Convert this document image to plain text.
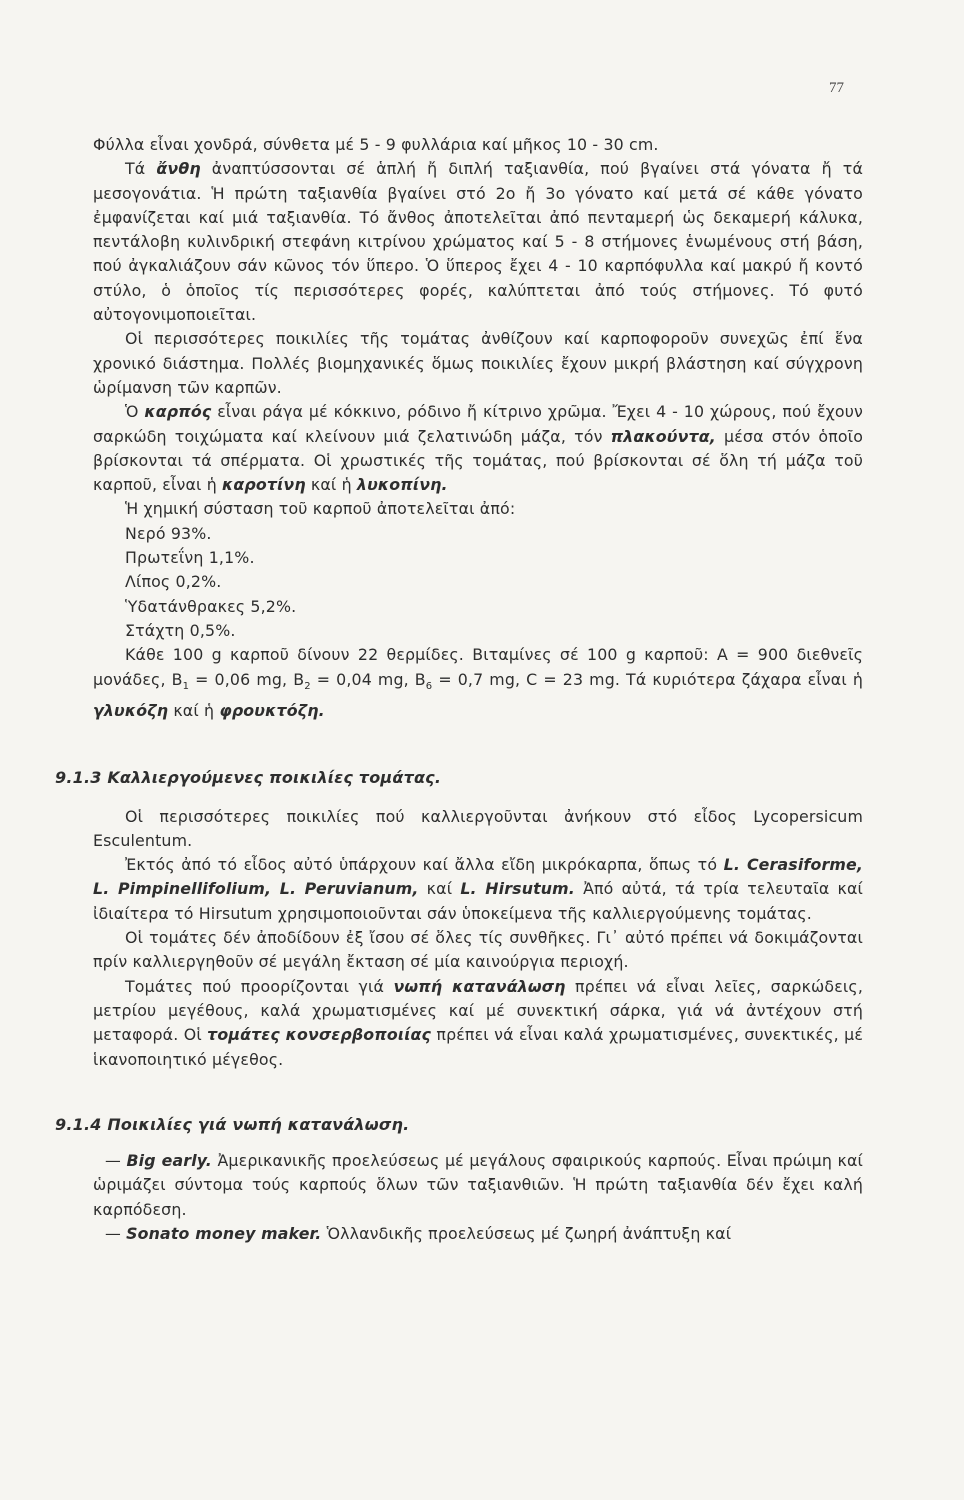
77

Φύλλα εἶναι χονδρά, σύνθετα μέ 5 - 9 φυλλάρια καί μῆκος 10 - 30 cm.

Τά ἄνθη ἀναπτύσσονται σέ ἁπλή ἤ διπλή ταξιανθία, πού βγαίνει στά γόνατα ἤ τά μεσογονάτια. Ἡ πρώτη ταξιανθία βγαίνει στό 2ο ἤ 3ο γόνατο καί μετά σέ κάθε γόνατο ἐμφανίζεται καί μιά ταξιανθία. Τό ἄνθος ἀποτελεῖται ἀπό πενταμερή ὡς δεκαμερή κάλυκα, πεντάλοβη κυλινδρική στεφάνη κιτρίνου χρώματος καί 5 - 8 στήμονες ἑνωμένους στή βάση, πού ἀγκαλιάζουν σάν κῶνος τόν ὕπερο. Ὁ ὕπερος ἔχει 4 - 10 καρπόφυλλα καί μακρύ ἤ κοντό στύλο, ὁ ὁποῖος τίς περισσότερες φορές, καλύπτεται ἀπό τούς στήμονες. Τό φυτό αὐτογονιμοποιεῖται.

Οἱ περισσότερες ποικιλίες τῆς τομάτας ἀνθίζουν καί καρποφοροῦν συνεχῶς ἐπί ἕνα χρονικό διάστημα. Πολλές βιομηχανικές ὅμως ποικιλίες ἔχουν μικρή βλάστηση καί σύγχρονη ὡρίμανση τῶν καρπῶν.

Ὁ καρπός εἶναι ράγα μέ κόκκινο, ρόδινο ἤ κίτρινο χρῶμα. Ἔχει 4 - 10 χώρους, πού ἔχουν σαρκώδη τοιχώματα καί κλείνουν μιά ζελατινώδη μάζα, τόν πλακούντα, μέσα στόν ὁποῖο βρίσκονται τά σπέρματα. Οἱ χρωστικές τῆς τομάτας, πού βρίσκονται σέ ὅλη τή μάζα τοῦ καρποῦ, εἶναι ἡ καροτίνη καί ἡ λυκοπίνη.

Ἡ χημική σύσταση τοῦ καρποῦ ἀποτελεῖται ἀπό:

Νερό 93%.

Πρωτεΐνη 1,1%.

Λίπος 0,2%.

Ὑδατάνθρακες 5,2%.

Στάχτη 0,5%.

Κάθε 100 g καρποῦ δίνουν 22 θερμίδες. Βιταμίνες σέ 100 g καρποῦ: A = 900 διεθνεῖς μονάδες, $B_1 = 0,06$ mg, $B_2 = 0,04$ mg, $B_6 = 0,7$ mg, C = 23 mg. Τά κυριότερα ζάχαρα εἶναι ἡ γλυκόζη καί ἡ φρουκτόζη.

9.1.3 Καλλιεργούμενες ποικιλίες τομάτας.

Οἱ περισσότερες ποικιλίες πού καλλιεργοῦνται ἀνήκουν στό εἶδος Lycopersicum Esculentum.

Ἐκτός ἀπό τό εἶδος αὐτό ὑπάρχουν καί ἄλλα εἴδη μικρόκαρπα, ὅπως τό L. Cerasiforme, L. Pimpinellifolium, L. Peruvianum, καί L. Hirsutum. Ἀπό αὐτά, τά τρία τελευταῖα καί ἰδιαίτερα τό Hirsutum χρησιμοποιοῦνται σάν ὑποκείμενα τῆς καλλιεργούμενης τομάτας.

Οἱ τομάτες δέν ἀποδίδουν ἐξ ἴσου σέ ὅλες τίς συνθῆκες. Γι᾿ αὐτό πρέπει νά δοκιμάζονται πρίν καλλιεργηθοῦν σέ μεγάλη ἔκταση σέ μία καινούργια περιοχή.

Τομάτες πού προορίζονται γιά νωπή κατανάλωση πρέπει νά εἶναι λεῖες, σαρκώδεις, μετρίου μεγέθους, καλά χρωματισμένες καί μέ συνεκτική σάρκα, γιά νά ἀντέχουν στή μεταφορά. Οἱ τομάτες κονσερβοποιίας πρέπει νά εἶναι καλά χρωματισμένες, συνεκτικές, μέ ἱκανοποιητικό μέγεθος.

9.1.4 Ποικιλίες γιά νωπή κατανάλωση.

— Big early. Ἀμερικανικῆς προελεύσεως μέ μεγάλους σφαιρικούς καρπούς. Εἶναι πρώιμη καί ὡριμάζει σύντομα τούς καρπούς ὅλων τῶν ταξιανθιῶν. Ἡ πρώτη ταξιανθία δέν ἔχει καλή καρπόδεση.

— Sonato money maker. Ὁλλανδικῆς προελεύσεως μέ ζωηρή ἀνάπτυξη καί
